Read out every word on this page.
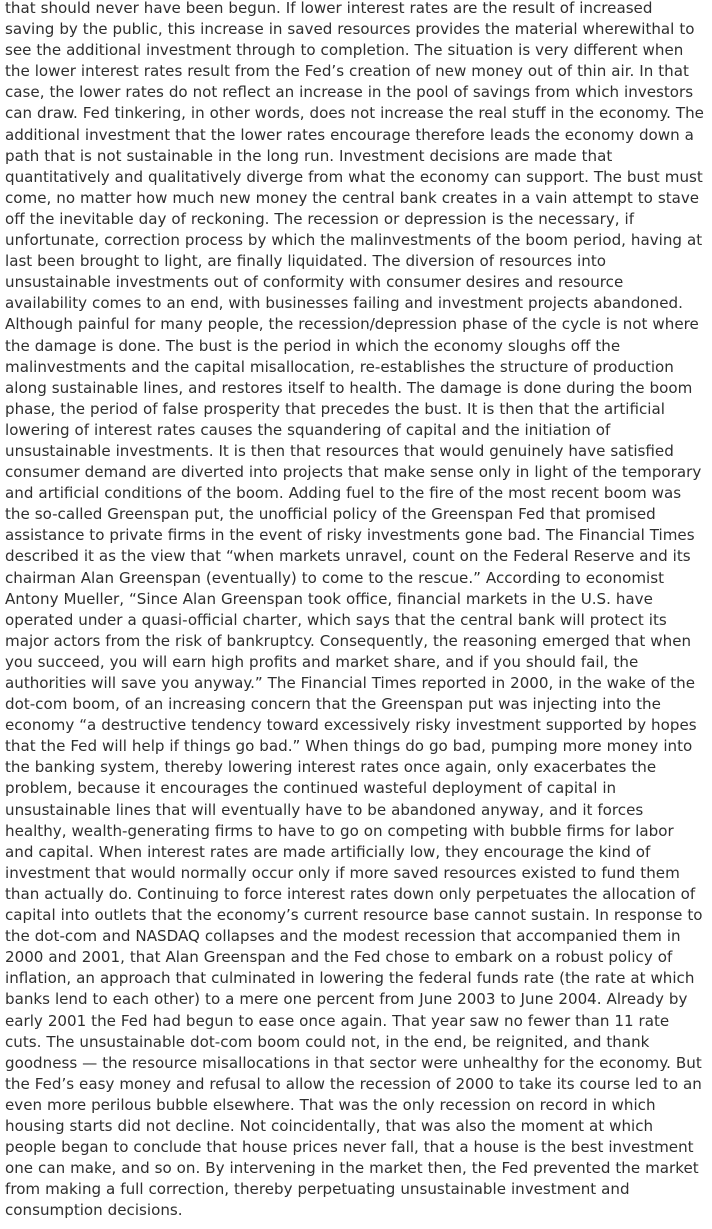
that should never have been begun. If lower interest rates are the result of increased saving by the public, this increase in saved resources provides the material wherewithal to see the additional investment through to completion. The situation is very different when the lower interest rates result from the Fed’s creation of new money out of thin air. In that case, the lower rates do not reflect an increase in the pool of savings from which investors can draw. Fed tinkering, in other words, does not increase the real stuff in the economy. The additional investment that the lower rates encourage therefore leads the economy down a path that is not sustainable in the long run. Investment decisions are made that quantitatively and qualitatively diverge from what the economy can support. The bust must come, no matter how much new money the central bank creates in a vain attempt to stave off the inevitable day of reckoning. The recession or depression is the necessary, if unfortunate, correction process by which the malinvestments of the boom period, having at last been brought to light, are finally liquidated. The diversion of resources into unsustainable investments out of conformity with consumer desires and resource availability comes to an end, with businesses failing and investment projects abandoned. Although painful for many people, the recession/depression phase of the cycle is not where the damage is done. The bust is the period in which the economy sloughs off the malinvestments and the capital misallocation, re-establishes the structure of production along sustainable lines, and restores itself to health. The damage is done during the boom phase, the period of false prosperity that precedes the bust. It is then that the artificial lowering of interest rates causes the squandering of capital and the initiation of unsustainable investments. It is then that resources that would genuinely have satisfied consumer demand are diverted into projects that make sense only in light of the temporary and artificial conditions of the boom. Adding fuel to the fire of the most recent boom was the so-called Greenspan put, the unofficial policy of the Greenspan Fed that promised assistance to private firms in the event of risky investments gone bad. The Financial Times described it as the view that “when markets unravel, count on the Federal Reserve and its chairman Alan Greenspan (eventually) to come to the rescue.” According to economist Antony Mueller, “Since Alan Greenspan took office, financial markets in the U.S. have operated under a quasi-official charter, which says that the central bank will protect its major actors from the risk of bankruptcy. Consequently, the reasoning emerged that when you succeed, you will earn high profits and market share, and if you should fail, the authorities will save you anyway.” The Financial Times reported in 2000, in the wake of the dot-com boom, of an increasing concern that the Greenspan put was injecting into the economy “a destructive tendency toward excessively risky investment supported by hopes that the Fed will help if things go bad.” When things do go bad, pumping more money into the banking system, thereby lowering interest rates once again, only exacerbates the problem, because it encourages the continued wasteful deployment of capital in unsustainable lines that will eventually have to be abandoned anyway, and it forces healthy, wealth-generating firms to have to go on competing with bubble firms for labor and capital. When interest rates are made artificially low, they encourage the kind of investment that would normally occur only if more saved resources existed to fund them than actually do. Continuing to force interest rates down only perpetuates the allocation of capital into outlets that the economy’s current resource base cannot sustain. In response to the dot-com and NASDAQ collapses and the modest recession that accompanied them in 2000 and 2001, that Alan Greenspan and the Fed chose to embark on a robust policy of inflation, an approach that culminated in lowering the federal funds rate (the rate at which banks lend to each other) to a mere one percent from June 2003 to June 2004. Already by early 2001 the Fed had begun to ease once again. That year saw no fewer than 11 rate cuts. The unsustainable dot-com boom could not, in the end, be reignited, and thank goodness — the resource misallocations in that sector were unhealthy for the economy. But the Fed’s easy money and refusal to allow the recession of 2000 to take its course led to an even more perilous bubble elsewhere. That was the only recession on record in which housing starts did not decline. Not coincidentally, that was also the moment at which people began to conclude that house prices never fall, that a house is the best investment one can make, and so on. By intervening in the market then, the Fed prevented the market from making a full correction, thereby perpetuating unsustainable investment and consumption decisions.
